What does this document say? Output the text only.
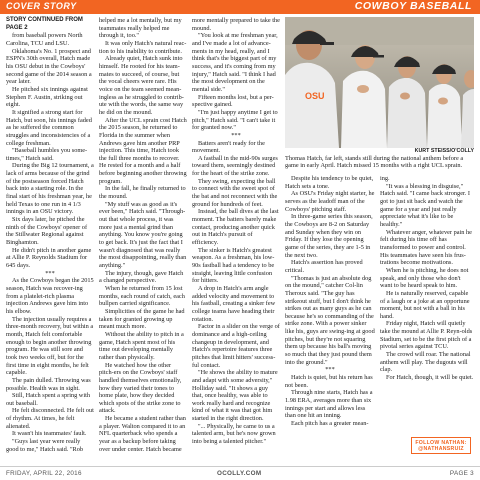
COVER STORY	COWBOY BASEBALL

STORY CONTINUED FROM PAGE 2

from baseball powers North Carolina, TCU and LSU.

Oklahoma's No. 1 prospect and ESPN's 30th overall, Hatch made his OSU debut in the Cowboys' second game of the 2014 season a year later.

He pitched six innings against Stephen F. Austin, striking out eight.

It signified a strong start for Hatch, but soon, his innings faded as he suffered the common struggles and inconsistencies of a college freshman.

"Baseball humbles you some-times," Hatch said.

During the Big 12 tournament, a lack of arms because of the grind of the postseason forced Hatch back into a starting role. In the final start of his freshman year, he held Texas to one run in 4 1/3 innings in an OSU victory.

Six days later, he pitched the ninth of the Cowboys' opener of the Stillwater Regional against Binghamton.

He didn't pitch in another game at Allie P. Reynolds Stadium for 645 days.

***

As the Cowboys began the 2015 season, Hatch was recover-ing from a platelet-rich plasma injection Andrews gave him into his elbow.

The injection usually requires a three-month recovery, but within a month, Hatch felt comfortable enough to begin another throwing program. He was still sore and took two weeks off, but for the first time in eight months, he felt capable.

The pain dulled. Throwing was possible. Health was in sight.

Still, Hatch spent a spring with out baseball.

He felt disconnected. He felt out of rhythm. At times, he felt alienated.

It wasn't his teammates' fault.

"Guys last year were really good to me," Hatch said. "Rob

helped me a lot mentally, but my teammates really helped me through it, too."

It was only Hatch's natural reac-tion to his inability to contribute.

Already quiet, Hatch sunk into himself. He rooted for his team-mates to succeed, of course, but the vocal cheers were rare. His voice on the team seemed mean-ingless as he struggled to contrib-ute with the words, the same way he did on the mound.

After the UCL sprain cost Hatch the 2015 season, he returned to Florida in the summer when Andrews gave him another PRP injection. This time, Hatch took the full three months to recover. He rested for a month and a half before beginning another throwing program.

In the fall, he finally returned to the mound.

"My stuff was as good as it's ever been," Hatch said. "Through-out that whole process, it was more just a mental grind than anything. You know you're going to get back. It's just the fact that I wasn't diagnosed that was really the most disappointing, really than anything."

The injury, though, gave Hatch a changed perspective.

When he returned from 15 lost months, each round of catch, each bullpen carried significance.

Simplicities of the game he had taken for granted growing up meant much more.

Without the ability to pitch in a game, Hatch spent most of his time out developing mentally rather than physically.

He watched how the other pitch-ers on the Cowboys' staff handled themselves emotionally, how they varied their tones to home plate, how they decided which spots of the strike zone to attack.

He became a student rather than a player. Walton compared it to an NFL quarterback who spends a year as a backup before taking over under center. Hatch became

more mentally prepared to take the mound.

"You look at me freshman year, and I've made a lot of advance-ments in my head, really, and I think that's the biggest part of my success, and it's coming from my injury," Hatch said. "I think I had the most development on the mental side."

Fifteen months lost, but a per-spective gained.

"I'm just happy anytime I get to pitch," Hatch said. "I can't take it for granted now."

***

Batters aren't ready for the movement.

A fastball in the mid-90s surges toward them, seemingly destined for the heart of the strike zone.

They swing, expecting the ball to connect with the sweet spot of the bat and not reconnect with the ground for hundreds of feet.

Instead, the ball dives at the last moment. The batters barely make contact, producing another quick out in Hatch's pursuit of efficiency.

The sinker is Hatch's greatest weapon. As a freshman, his low-90s fastball had a tendency to be straight, leaving little confusion for hitters.

A drop in Hatch's arm angle added velocity and movement to his fastball, creating a sinker few college teams have heading their rotation.

Factor in a slider on the verge of dominance and a high-ceiling changeup in development, and Hatch's repertoire features three pitches that limit hitters' success-ful contact.

"He shows the ability to mature and adapt with some adversity," Holliday said. "It shows a guy that, once healthy, was able to work really hard and recognize kind of what it was that got him started in the right direction.

"... Physically, he came to us a talented arm, but he's now grown into being a talented pitcher."

OSU
KURT STEISS/O'COLLY
Thomas Hatch, far left, stands still during the national anthem before a game in early April. Hatch missed 15 months with a right UCL sprain.

Despite his tendency to be quiet, Hatch sets a tone.

As OSU's Friday night starter, he serves as the leadoff man of the Cowboys' pitching staff.

In three-game series this season, the Cowboys are 8-2 on Saturday and Sunday when they win on Friday. If they lose the opening game of the series, they are 1-5 in the next two.

Hatch's assertion has proved critical.

"Thomas is just an absolute dog on the mound," catcher Col-lin Theroux said. "The guy has strikeout stuff, but I don't think he strikes out as many guys as he can because he's so commanding of the strike zone. With a power sinker like his, guys are swing-ing at good pitches, but they're not squaring them up because his ball's moving so much that they just pound them into the ground."

***

Hatch is quiet, but his return has not been.

Through nine starts, Hatch has a 1.98 ERA, averages more than six innings per start and allows less than one hit an inning.

Each pitch has a greater mean-

ing.

"It was a blessing in disguise," Hatch said. "I came back stronger. I got to just sit back and watch the game for a year and just really appreciate what it's like to be healthy."

Whatever anger, whatever pain he felt during his time off has transformed to power and control. His teammates have seen his frus-trations become motivations.

When he is pitching, he does not speak, and only those who don't want to be heard speak to him.

He is naturally reserved, capable of a laugh or a joke at an opportune moment, but not with a ball in his hand.

Friday night, Hatch will quietly take the mound at Allie P. Reyn-olds Stadium, set to be the first pitch of a pivotal series against TCU.

The crowd will roar. The national anthem will play. The dugouts will clap.

For Hatch, though, it will be quiet.

FOLLOW NATHAN:
@NATHANSRUIZ
FRIDAY, APRIL 22, 2016	OCOLLY.COM	PAGE 3
